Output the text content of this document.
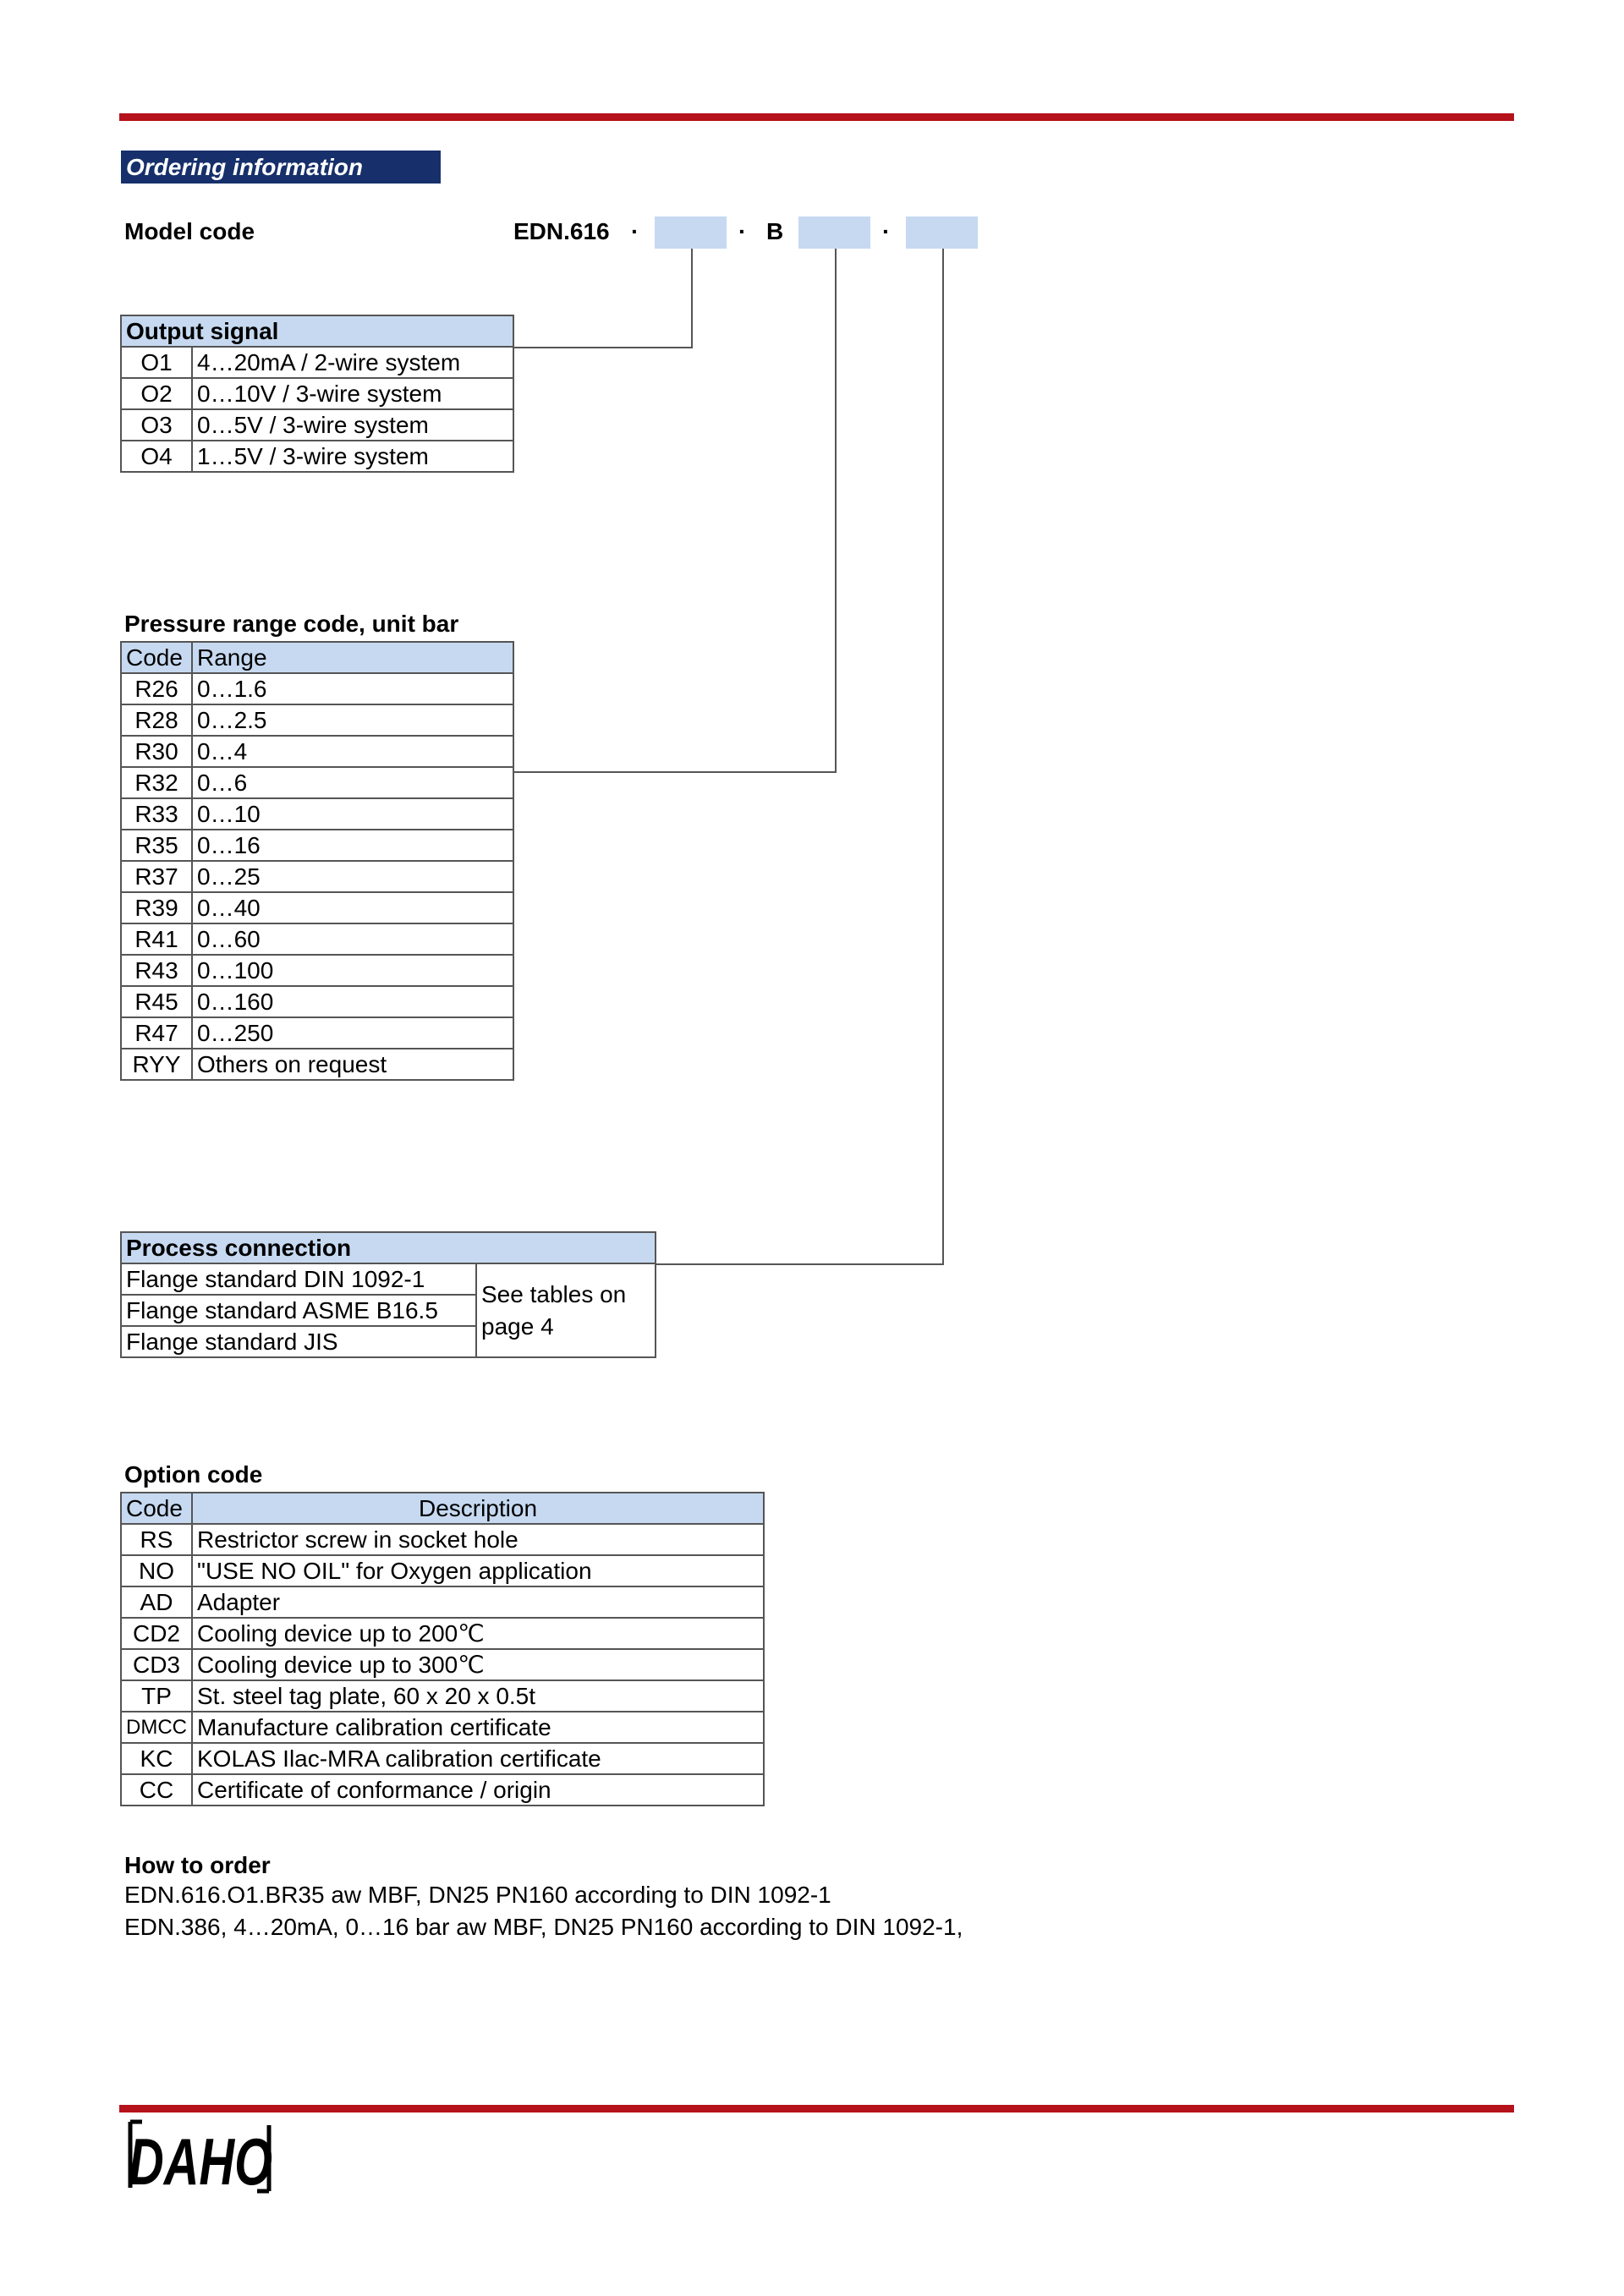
Ordering information
Model code	EDN.616 ·	· B	·
Output signal	
O1	4…20mA / 2-wire system
O2	0…10V / 3-wire system
O3	0…5V / 3-wire system
O4	1…5V / 3-wire system
Pressure range code, unit bar
Code	Range
R26	0…1.6
R28	0…2.5
R30	0…4
R32	0…6
R33	0…10
R35	0…16
R37	0…25
R39	0…40
R41	0…60
R43	0…100
R45	0…160
R47	0…250
RYY	Others on request
Process connection
Flange standard DIN 1092-1	See tables on
page 4
Flange standard ASME B16.5
Flange standard JIS
Option code
Code	Description
RS	Restrictor screw in socket hole
NO	"USE NO OIL" for Oxygen application
AD	Adapter
CD2	Cooling device up to 200℃
CD3	Cooling device up to 300℃
TP	St. steel tag plate, 60 x 20 x 0.5t
DMCC	Manufacture calibration certificate
KC	KOLAS Ilac-MRA calibration certificate
CC	Certificate of conformance / origin
How to order
EDN.616.O1.BR35 aw MBF, DN25 PN160 according to DIN 1092-1
EDN.386, 4…20mA, 0…16 bar aw MBF, DN25 PN160 according to DIN 1092-1,
DAHO
